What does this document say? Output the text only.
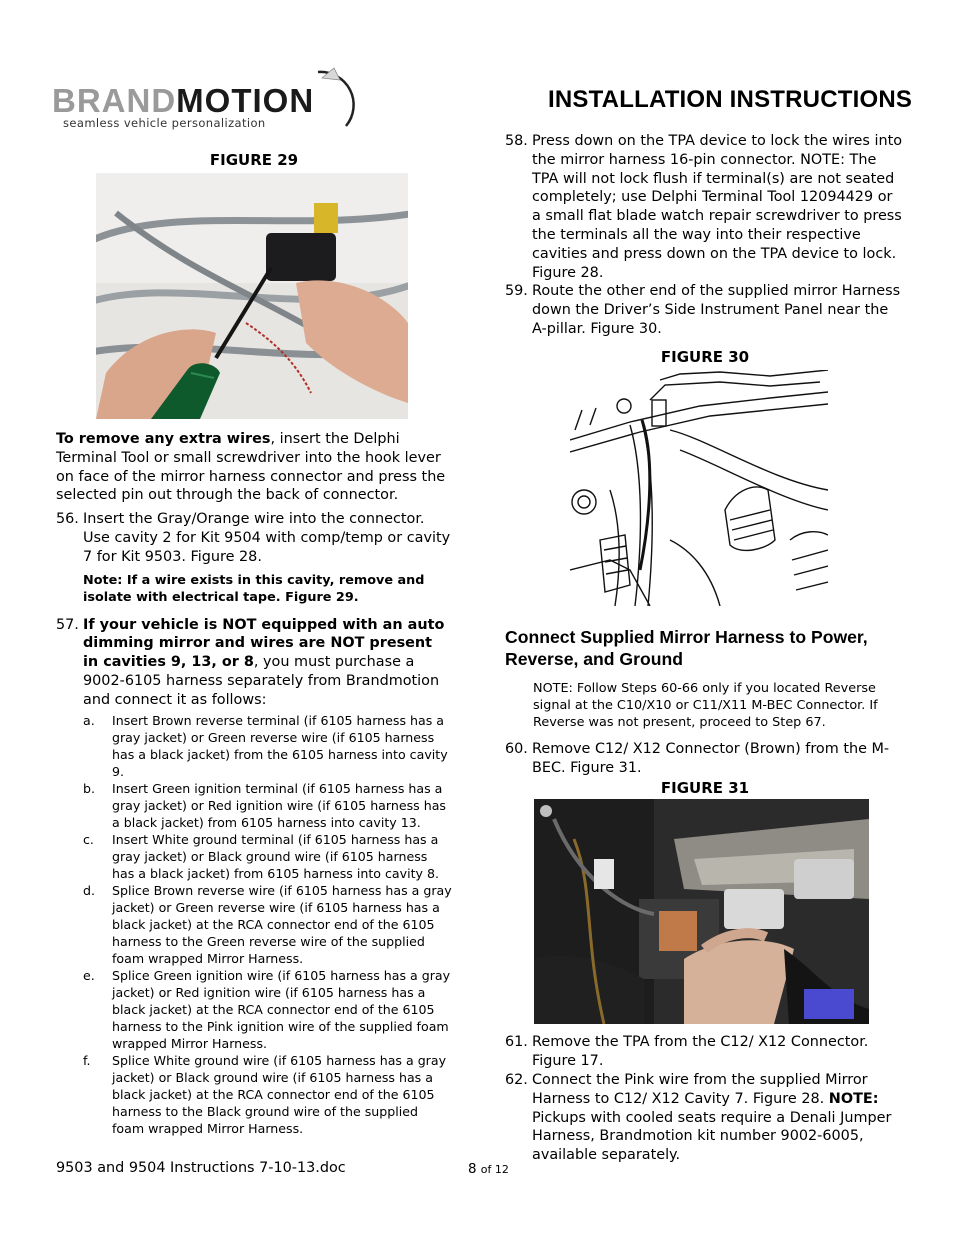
BRANDMOTION
seamless vehicle personalization
INSTALLATION INSTRUCTIONS
FIGURE 29
To remove any extra wires, insert the Delphi Terminal Tool or small screwdriver into the hook lever on face of the mirror harness connector and press the selected pin out through the back of connector.
56. Insert the Gray/Orange wire into the connector. Use cavity 2 for Kit 9504 with comp/temp or cavity 7 for Kit 9503. Figure 28.
Note: If a wire exists in this cavity, remove and isolate with electrical tape. Figure 29.
57. If your vehicle is NOT equipped with an auto dimming mirror and wires are NOT present in cavities 9, 13, or 8, you must purchase a 9002-6105 harness separately from Brandmotion and connect it as follows:
a. Insert Brown reverse terminal (if 6105 harness has a gray jacket) or Green reverse wire (if 6105 harness has a black jacket) from the 6105 harness into cavity 9.
b. Insert Green ignition terminal (if 6105 harness has a gray jacket) or Red ignition wire (if 6105 harness has a black jacket) from 6105 harness into cavity 13.
c. Insert White ground terminal (if 6105 harness has a gray jacket) or Black ground wire (if 6105 harness has a black jacket) from 6105 harness into cavity 8.
d. Splice Brown reverse wire (if 6105 harness has a gray jacket) or Green reverse wire (if 6105 harness has a black jacket) at the RCA connector end of the 6105 harness to the Green reverse wire of the supplied foam wrapped Mirror Harness.
e. Splice Green ignition wire (if 6105 harness has a gray jacket) or Red ignition wire (if 6105 harness has a black jacket) at the RCA connector end of the 6105 harness to the Pink ignition wire of the supplied foam wrapped Mirror Harness.
f. Splice White ground wire (if 6105 harness has a gray jacket) or Black ground wire (if 6105 harness has a black jacket) at the RCA connector end of the 6105 harness to the Black ground wire of the supplied foam wrapped Mirror Harness.
58. Press down on the TPA device to lock the wires into the mirror harness 16-pin connector. NOTE: The TPA will not lock flush if terminal(s) are not seated completely; use Delphi Terminal Tool 12094429 or a small flat blade watch repair screwdriver to press the terminals all the way into their respective cavities and press down on the TPA device to lock. Figure 28.
59. Route the other end of the supplied mirror Harness down the Driver’s Side Instrument Panel near the A-pillar. Figure 30.
FIGURE 30
Connect Supplied Mirror Harness to Power, Reverse, and Ground
NOTE: Follow Steps 60-66 only if you located Reverse signal at the C10/X10 or C11/X11 M-BEC Connector. If Reverse was not present, proceed to Step 67.
60. Remove C12/ X12 Connector (Brown) from the M-BEC. Figure 31.
FIGURE 31
61. Remove the TPA from the C12/ X12 Connector. Figure 17.
62. Connect the Pink wire from the supplied Mirror Harness to C12/ X12 Cavity 7. Figure 28. NOTE: Pickups with cooled seats require a Denali Jumper Harness, Brandmotion kit number 9002-6005, available separately.
9503 and 9504 Instructions 7-10-13.doc	8 of 12
